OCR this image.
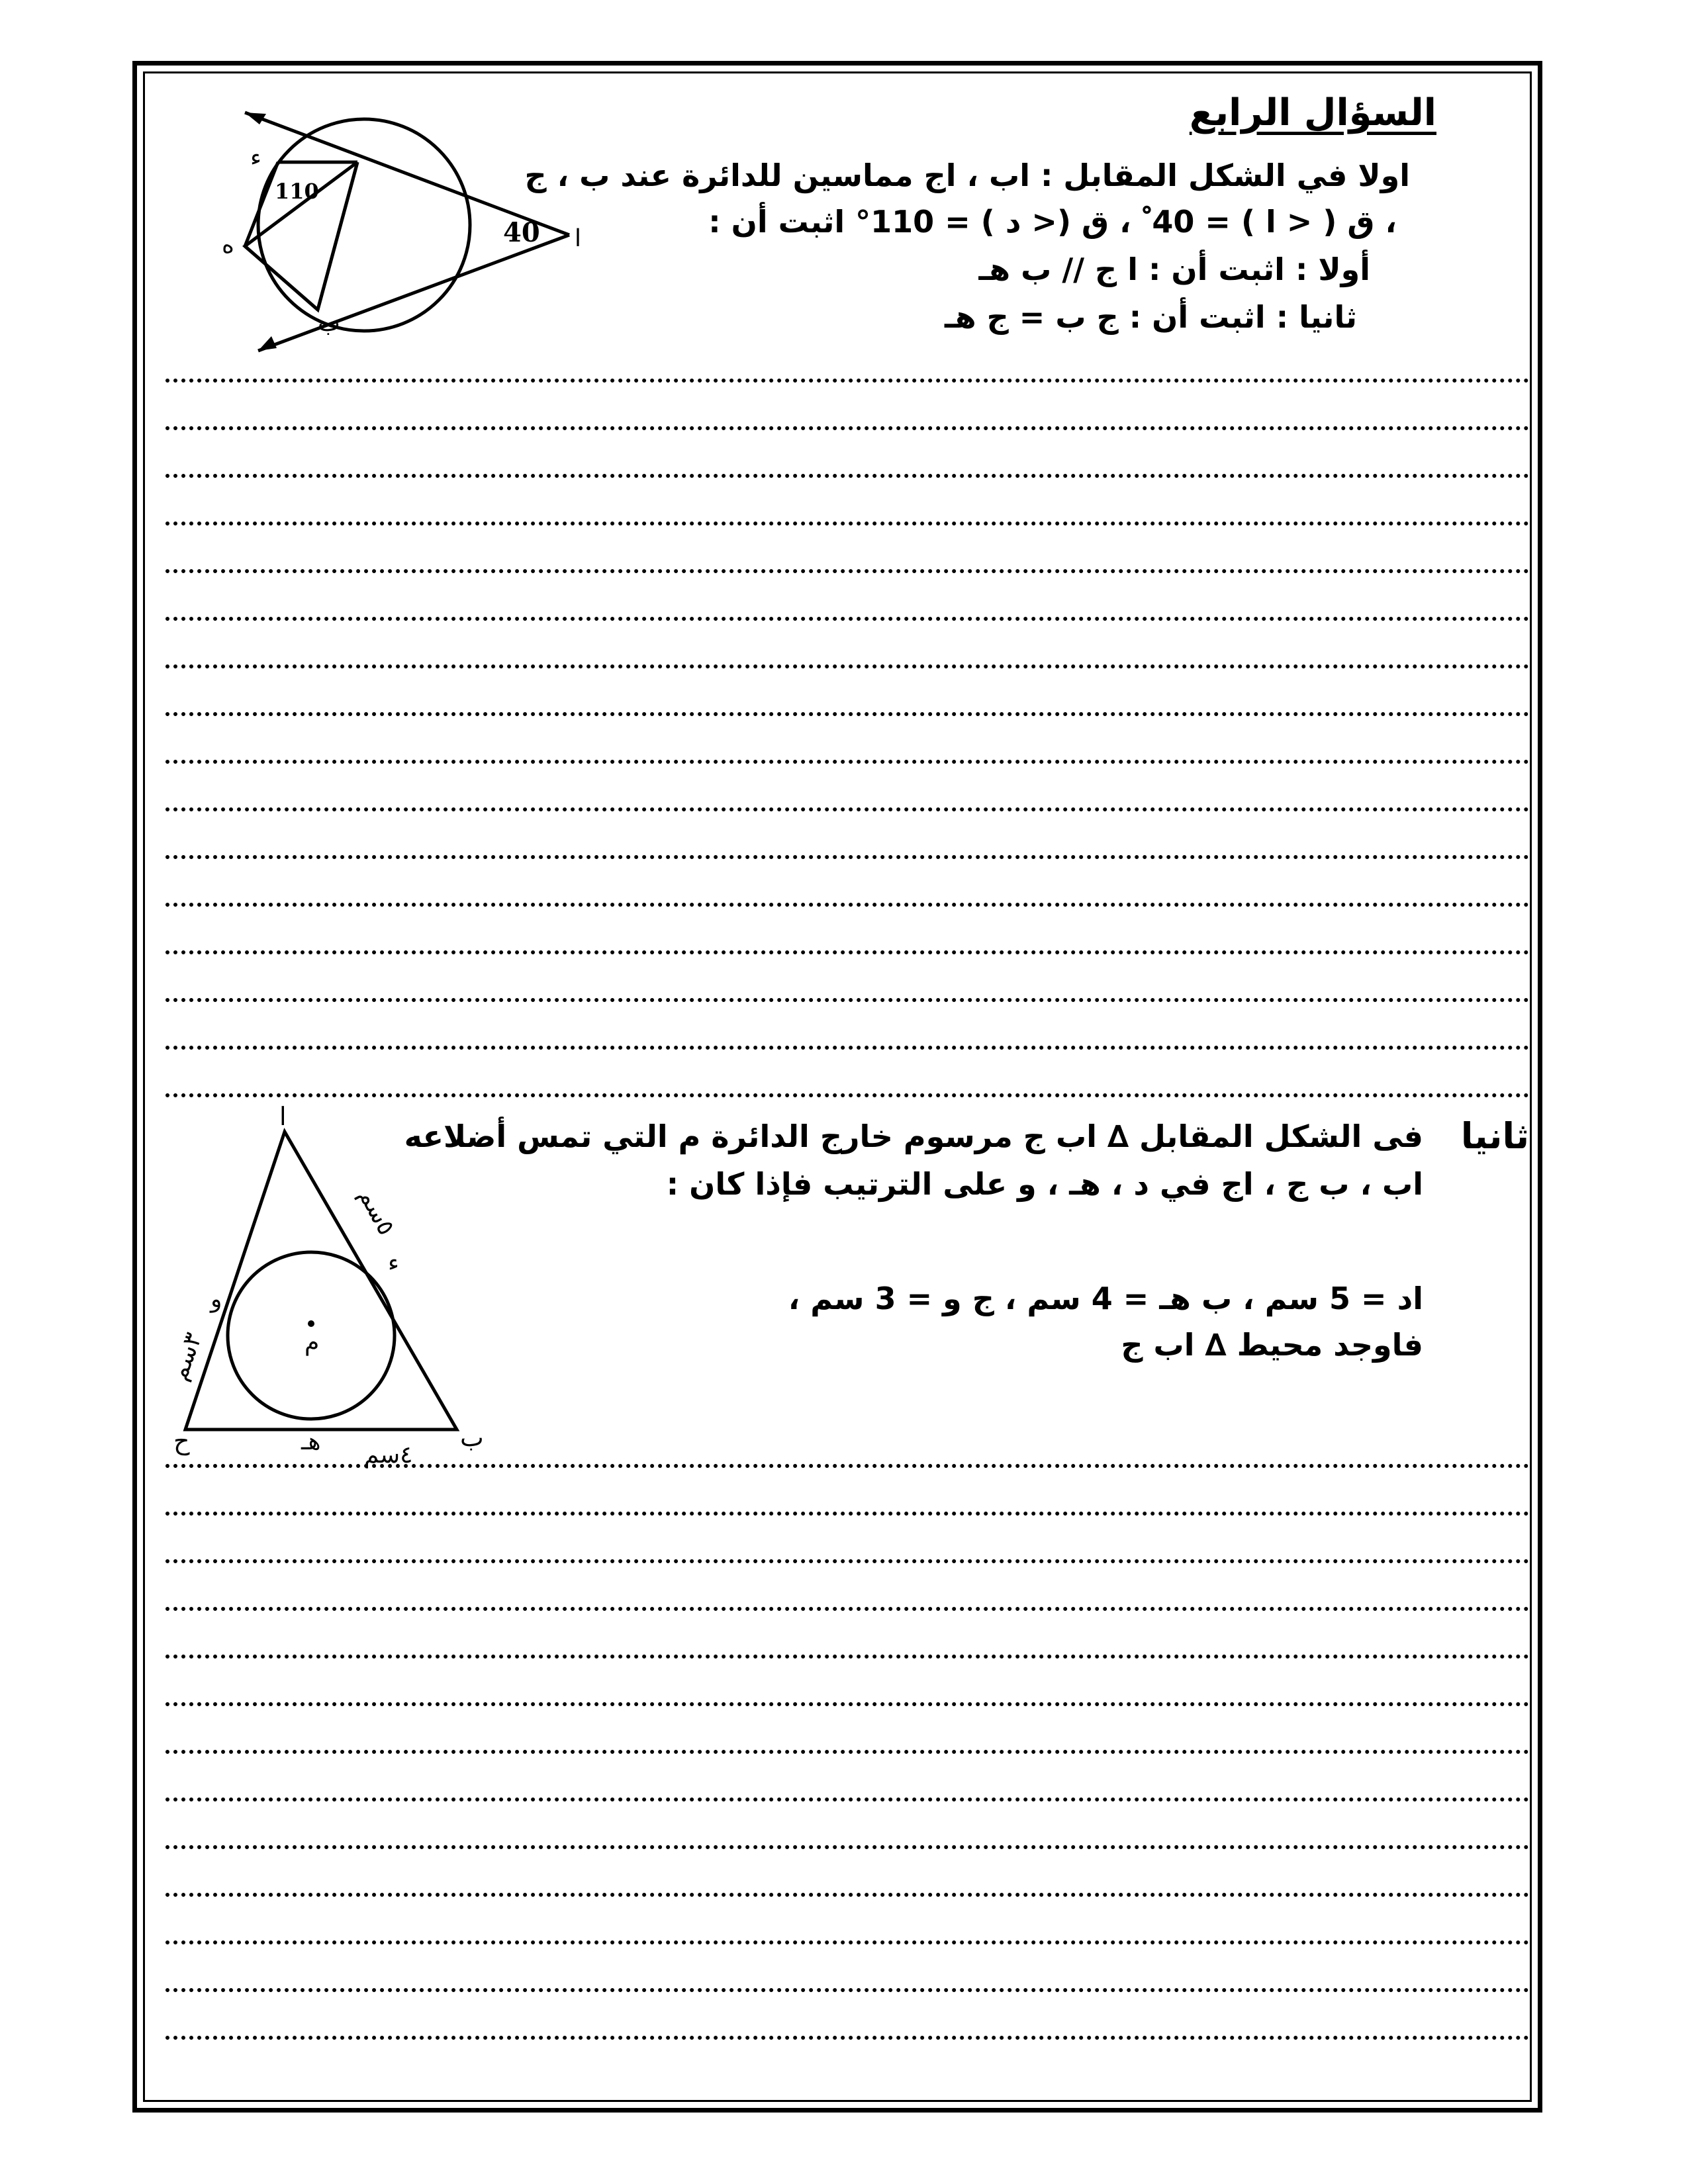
السؤال الرابع
اولا في الشكل المقابل : اب ، اج مماسين للدائرة عند ب ، ج
، ق ( < ا ) = 40 ْ ، ق (< د ) = 110° اثبت أن :
أولا : اثبت أن : ا ج // ب هـ
ثانيا : اثبت أن : ج ب = ج هـ
40
110
ا
ب
ء
ه
ثانيا
فى الشكل المقابل ∆ اب ج مرسوم خارج الدائرة م التي تمس أضلاعه
اب ، ب ج ، اج في د ، هـ ، و على الترتيب فإذا كان :
اد = 5 سم ، ب هـ = 4 سم ، ج و = 3 سم ،
فاوجد محيط ∆ اب ج
ا
ب
ح
ء
هـ
و
م
٥سم
٣سم
٤سم
